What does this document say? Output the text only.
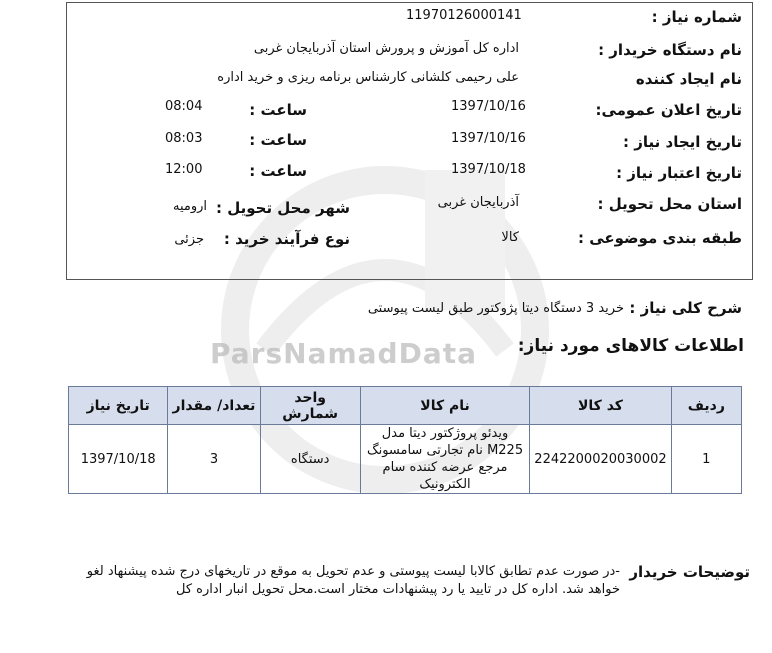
ParsNamadData
شماره نیاز :
11970126000141
نام دستگاه خریدار :
اداره کل آموزش و پرورش استان آذربایجان غربی
نام ایجاد کننده
علی رحیمی کلشانی کارشناس برنامه ریزی و خرید اداره
تاریخ اعلان عمومی:
1397/10/16
ساعت :
08:04
تاریخ ایجاد نیاز :
1397/10/16
ساعت :
08:03
تاریخ اعتبار نیاز :
1397/10/18
ساعت :
12:00
استان محل تحویل :
آذربایجان غربی
شهر محل تحویل :
ارومیه
طبقه بندی موضوعی :
کالا
نوع فرآیند خرید :
جزئی
شرح کلی نیاز :
خرید 3 دستگاه دیتا پژوکتور طبق لیست پیوستی
اطلاعات کالاهای مورد نیاز:
ردیف	کد کالا	نام کالا	واحد شمارش	تعداد/ مقدار	تاریخ نیاز
1	2242200020030002	ویدئو پروژکتور دیتا مدل M225 نام تجارتی سامسونگ مرجع عرضه کننده سام الکترونیک	دستگاه	3	1397/10/18
توضیحات خریدار
-در صورت عدم تطابق کالابا لیست پیوستی و عدم تحویل به موقع در تاریخهای درج شده پیشنهاد لغو خواهد شد. اداره کل در تایید یا رد پیشنهادات مختار است.محل تحویل انبار اداره کل
